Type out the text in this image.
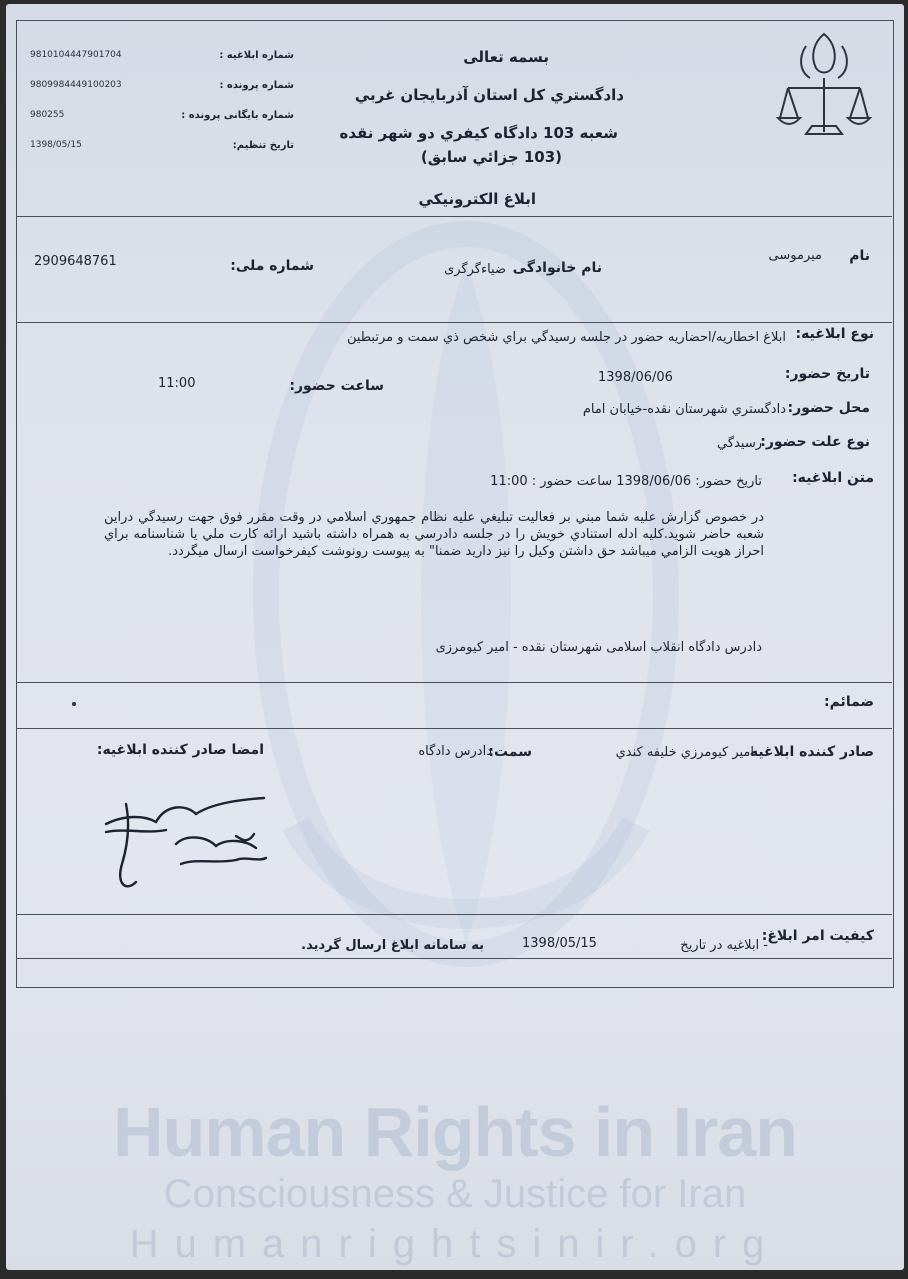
بسمه تعالی
دادگستري كل استان آذربايجان غربي
شعبه 103 دادگاه كيفري دو شهر نقده
(103 جزائي سابق)
ابلاغ الكترونيكي
شماره ابلاغیه :
9810104447901704
شماره پرونده :
9809984449100203
شماره بایگانی پرونده :
980255
تاریخ تنظیم:
1398/05/15
نام
میرموسی
نام خانوادگی
ضیاءگرگری
شماره ملی:
2909648761
نوع ابلاغیه:
ابلاغ اخطاريه/احضاريه حضور در جلسه رسيدگي براي شخص ذي سمت و مرتبطين
تاریخ حضور:
1398/06/06
ساعت حضور:
11:00
محل حضور:
دادگستري شهرستان نقده-خيابان امام
نوع علت حضور:
رسيدگي
متن ابلاغیه:
تاريخ حضور: 1398/06/06 ساعت حضور : 11:00
در خصوص گزارش عليه شما مبني بر فعاليت تبليغي عليه نظام جمهوري اسلامي در وقت مقرر فوق جهت رسيدگي دراين شعبه حاضر شويد.كليه ادله استنادي خويش را در جلسه دادرسي به همراه داشته باشيد ارائه كارت ملي يا شناسنامه براي احراز هويت الزامي ميباشد حق داشتن وكيل را نيز داريد ضمنا" به پيوست رونوشت كيفرخواست ارسال ميگردد.
دادرس دادگاه انقلاب اسلامی شهرستان نقده - امیر کیومرزی
ضمائم:
صادر کننده ابلاغیه
امير كيومرزي خليفه كندي
سمت:
دادرس دادگاه
امضا صادر کننده ابلاغیه:
کیفیت امر ابلاغ:
- ابلاغيه در تاريخ
1398/05/15
به سامانه ابلاغ ارسال گرديد.
Human Rights in Iran
Consciousness & Justice for Iran
Humanrightsinir.org
